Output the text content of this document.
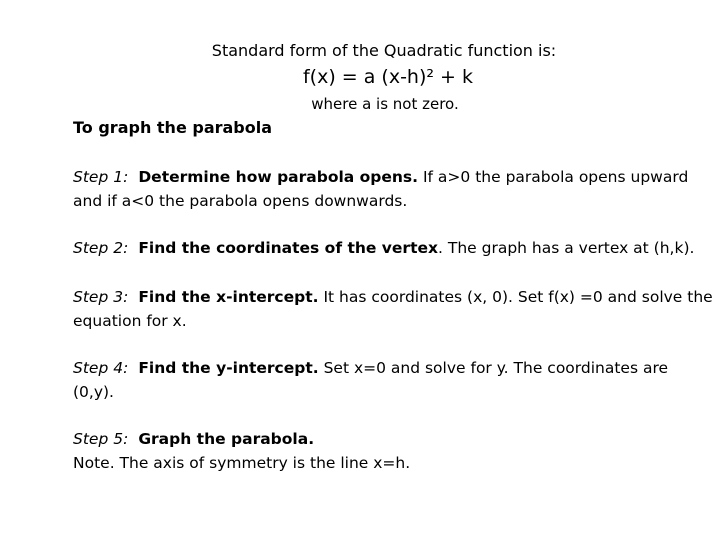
Standard form of the Quadratic function is:
f(x) = a (x-h)² + k
where a is not zero.
To graph the parabola
Step 1: Determine how parabola opens. If a>0 the parabola opens upward and if a<0 the parabola opens downwards.
Step 2: Find the coordinates of the vertex. The graph has a vertex at (h,k).
Step 3: Find the x-intercept. It has coordinates (x, 0). Set f(x) =0 and solve the equation for x.
Step 4: Find the y-intercept. Set x=0 and solve for y. The coordinates are (0,y).
Step 5: Graph the parabola.
Note. The axis of symmetry is the line x=h.
